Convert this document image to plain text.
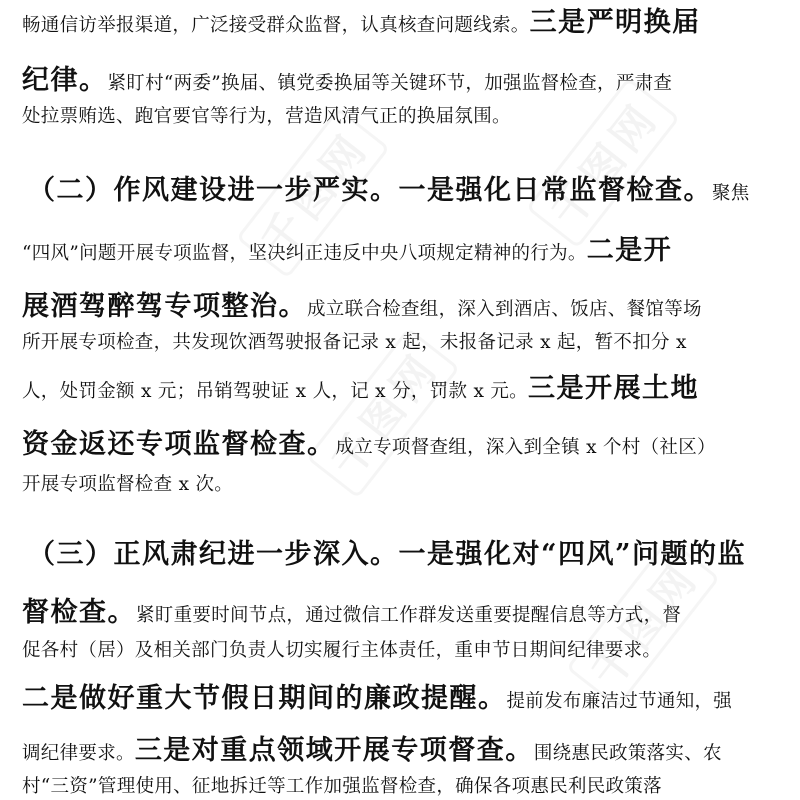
千图网
千图网
千图网
千图网
畅通信访举报渠道，广泛接受群众监督，认真核查问题线索。三是严明换届
纪律。紧盯村“两委”换届、镇党委换届等关键环节，加强监督检查，严肃查
处拉票贿选、跑官要官等行为，营造风清气正的换届氛围。
（二）作风建设进一步严实。一是强化日常监督检查。聚焦
“四风”问题开展专项监督，坚决纠正违反中央八项规定精神的行为。二是开
展酒驾醉驾专项整治。成立联合检查组，深入到酒店、饭店、餐馆等场
所开展专项检查，共发现饮酒驾驶报备记录 x 起，未报备记录 x 起，暂不扣分 x
人，处罚金额 x 元；吊销驾驶证 x 人，记 x 分，罚款 x 元。三是开展土地
资金返还专项监督检查。成立专项督查组，深入到全镇 x 个村（社区）
开展专项监督检查 x 次。
（三）正风肃纪进一步深入。一是强化对“四风”问题的监
督检查。紧盯重要时间节点，通过微信工作群发送重要提醒信息等方式，督
促各村（居）及相关部门负责人切实履行主体责任，重申节日期间纪律要求。
二是做好重大节假日期间的廉政提醒。提前发布廉洁过节通知，强
调纪律要求。三是对重点领域开展专项督查。围绕惠民政策落实、农
村“三资”管理使用、征地拆迁等工作加强监督检查，确保各项惠民利民政策落
